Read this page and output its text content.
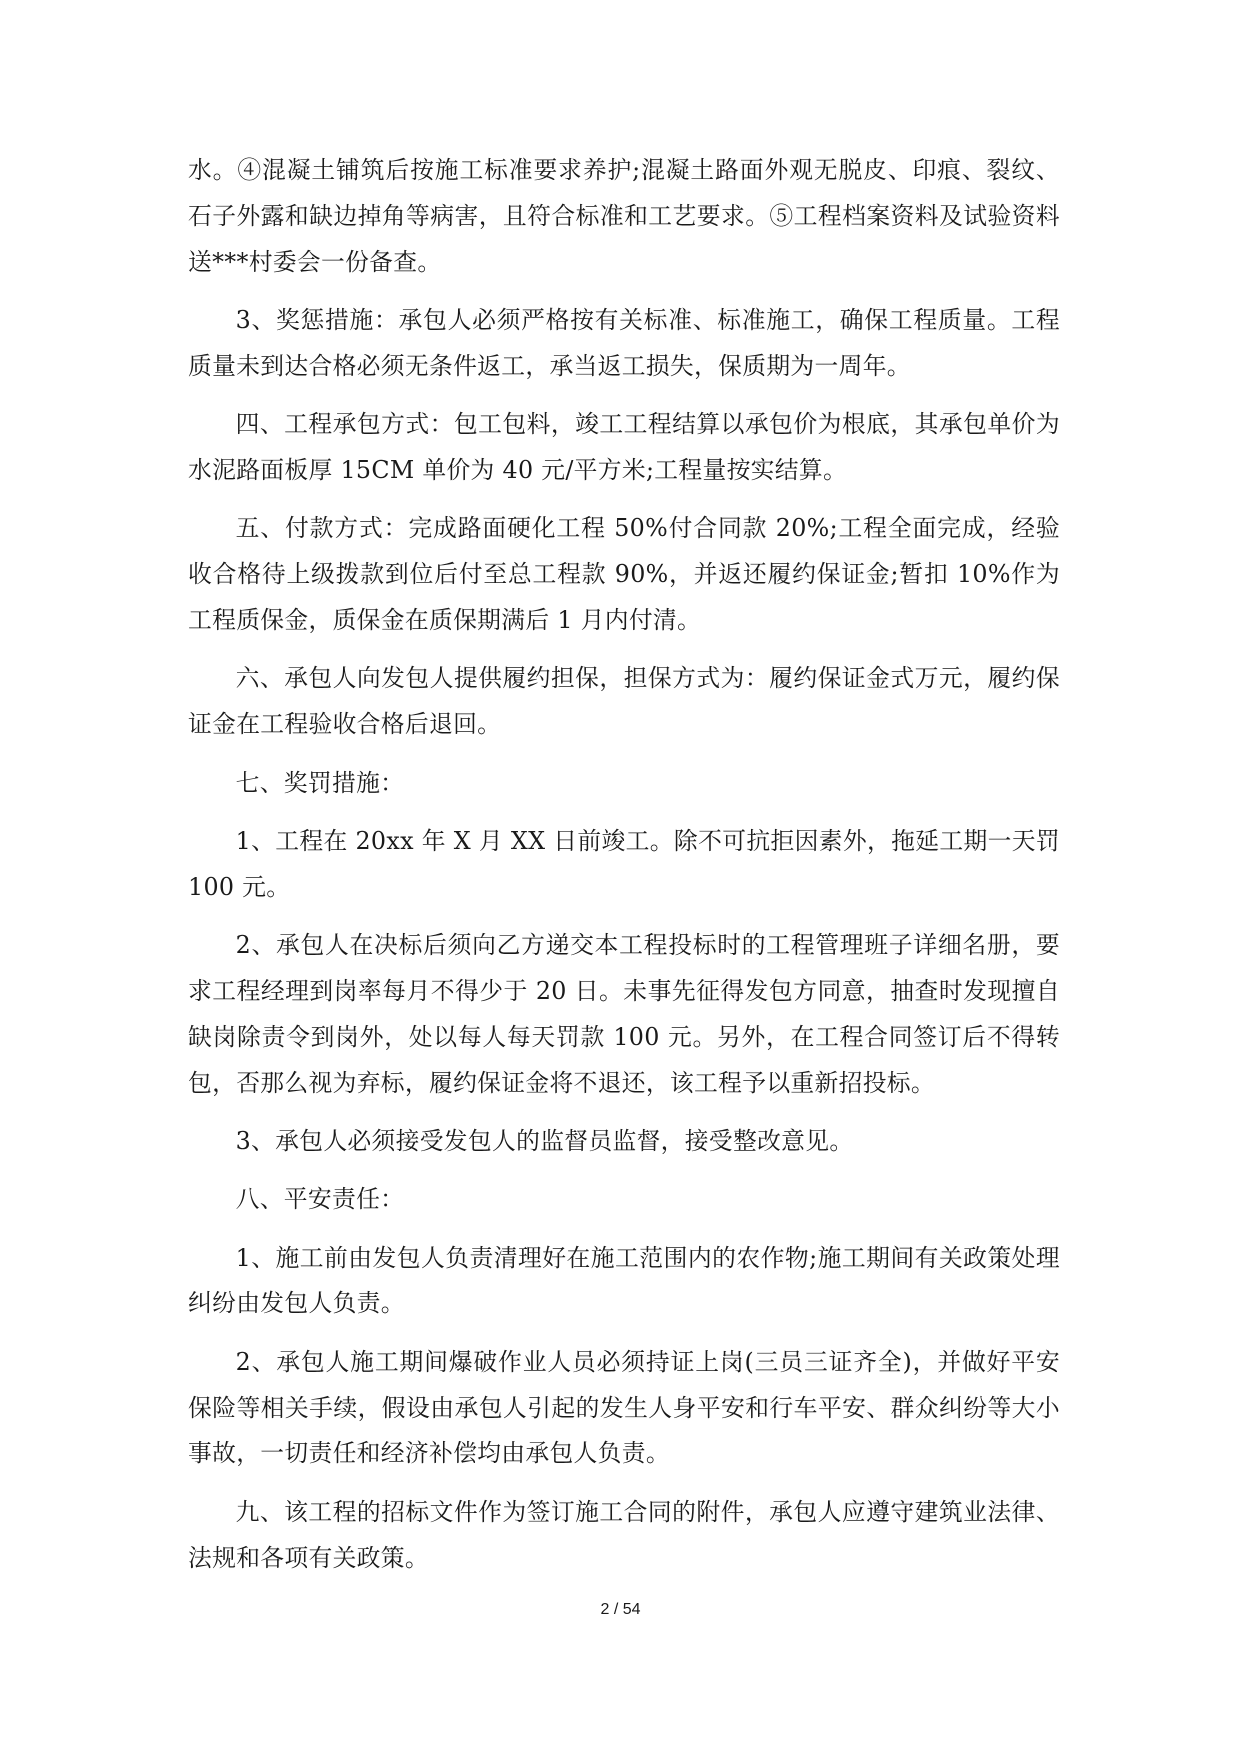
水。④混凝土铺筑后按施工标准要求养护;混凝土路面外观无脱皮、印痕、裂纹、石子外露和缺边掉角等病害，且符合标准和工艺要求。⑤工程档案资料及试验资料送***村委会一份备查。

3、奖惩措施：承包人必须严格按有关标准、标准施工，确保工程质量。工程质量未到达合格必须无条件返工，承当返工损失，保质期为一周年。

四、工程承包方式：包工包料，竣工工程结算以承包价为根底，其承包单价为水泥路面板厚 15CM 单价为 40 元/平方米;工程量按实结算。

五、付款方式：完成路面硬化工程 50%付合同款 20%;工程全面完成，经验收合格待上级拨款到位后付至总工程款 90%，并返还履约保证金;暂扣 10%作为工程质保金，质保金在质保期满后 1 月内付清。

六、承包人向发包人提供履约担保，担保方式为：履约保证金式万元，履约保证金在工程验收合格后退回。

七、奖罚措施：

1、工程在 20xx 年 X 月 XX 日前竣工。除不可抗拒因素外，拖延工期一天罚 100 元。

2、承包人在决标后须向乙方递交本工程投标时的工程管理班子详细名册，要求工程经理到岗率每月不得少于 20 日。未事先征得发包方同意，抽查时发现擅自缺岗除责令到岗外，处以每人每天罚款 100 元。另外，在工程合同签订后不得转包，否那么视为弃标，履约保证金将不退还，该工程予以重新招投标。

3、承包人必须接受发包人的监督员监督，接受整改意见。

八、平安责任：

1、施工前由发包人负责清理好在施工范围内的农作物;施工期间有关政策处理纠纷由发包人负责。

2、承包人施工期间爆破作业人员必须持证上岗(三员三证齐全)，并做好平安保险等相关手续，假设由承包人引起的发生人身平安和行车平安、群众纠纷等大小事故，一切责任和经济补偿均由承包人负责。

九、该工程的招标文件作为签订施工合同的附件，承包人应遵守建筑业法律、法规和各项有关政策。

2 / 54
